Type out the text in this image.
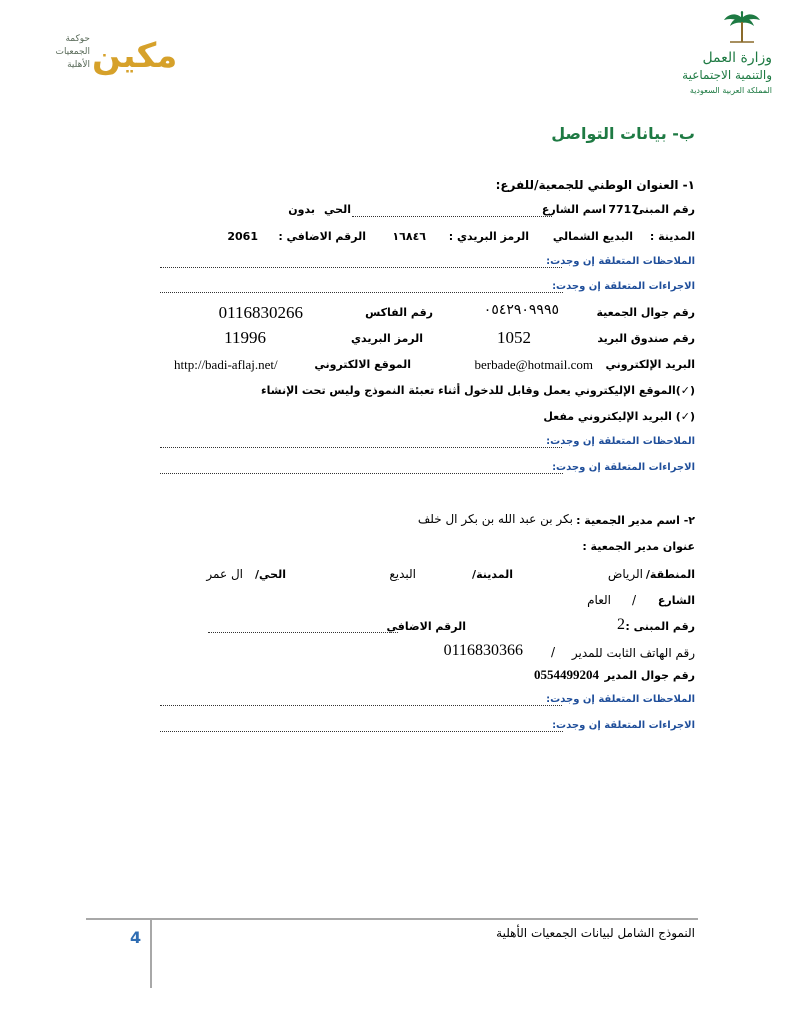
وزارة العمل
والتنمية الاجتماعية
المملكة العربية السعودية
مكين
حوكمة
الجمعيات
الأهلية
ب- بيانات التواصل
١- العنوان الوطني للجمعية/للفرع:
رقم المبنى
7717
اسم الشارع
الحي
بدون
المدينة :
البديع الشمالي
الرمز البريدي :
١٦٨٤٦
الرقم الاضافي :
2061
الملاحظات المتعلقة إن وجدت:
الاجراءات المتعلقة إن وجدت:
رقم جوال الجمعية
٠٥٤٢٩٠٩٩٩٥
رقم الفاكس
0116830266
رقم صندوق البريد
1052
الرمز البريدي
11996
البريد الإلكتروني
berbade@hotmail.com
الموقع الالكتروني
http://badi-aflaj.net/
(✓)الموقع الإليكتروني يعمل وقابل للدخول أثناء تعبئة النموذج وليس تحت الإنشاء
(✓) البريد الإليكتروني مفعل
الملاحظات المتعلقة إن وجدت:
الاجراءات المتعلقة إن وجدت:
٢- اسم مدير الجمعية :
بكر بن عبد الله بن بكر ال خلف
عنوان مدير الجمعية :
المنطقة/
الرياض
المدينة/
البديع
الحي/
ال عمر
الشارع
/
العام
رقم المبنى :
2
الرقم الاضافي
رقم الهاتف الثابت للمدير
/
0116830366
رقم جوال المدير
0554499204
الملاحظات المتعلقة إن وجدت:
الاجراءات المتعلقة إن وجدت:
النموذج الشامل لبيانات الجمعيات الأهلية
4
